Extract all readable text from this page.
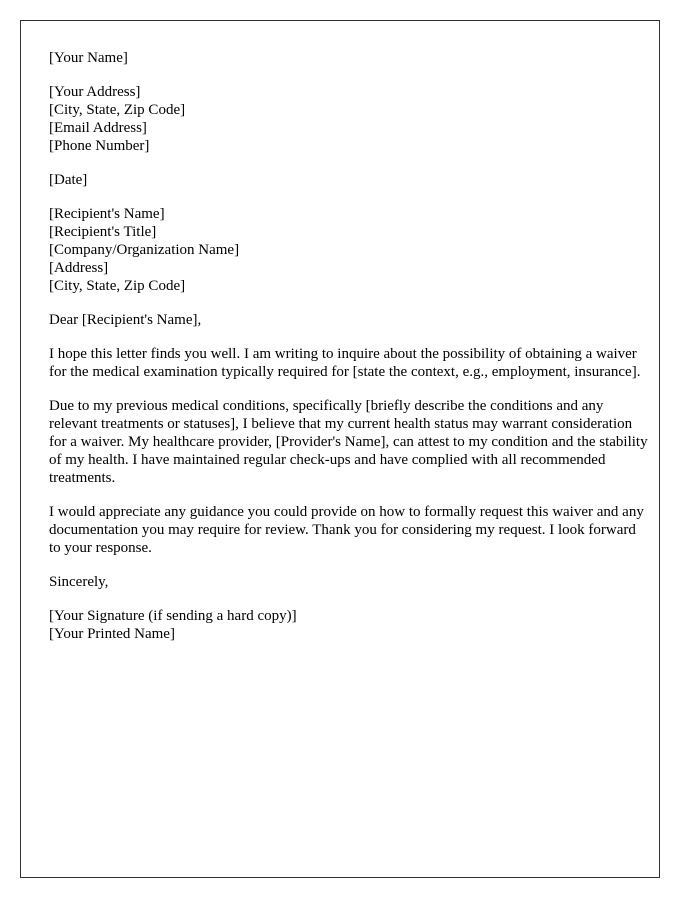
[Your Name]
[Your Address]
[City, State, Zip Code]
[Email Address]
[Phone Number]
[Date]
[Recipient's Name]
[Recipient's Title]
[Company/Organization Name]
[Address]
[City, State, Zip Code]

Dear [Recipient's Name],

I hope this letter finds you well. I am writing to inquire about the possibility of obtaining a waiver for the medical examination typically required for [state the context, e.g., employment, insurance].

Due to my previous medical conditions, specifically [briefly describe the conditions and any relevant treatments or statuses], I believe that my current health status may warrant consideration for a waiver. My healthcare provider, [Provider's Name], can attest to my condition and the stability of my health. I have maintained regular check-ups and have complied with all recommended treatments.

I would appreciate any guidance you could provide on how to formally request this waiver and any documentation you may require for review. Thank you for considering my request. I look forward to your response.

Sincerely,

[Your Signature (if sending a hard copy)]
[Your Printed Name]
